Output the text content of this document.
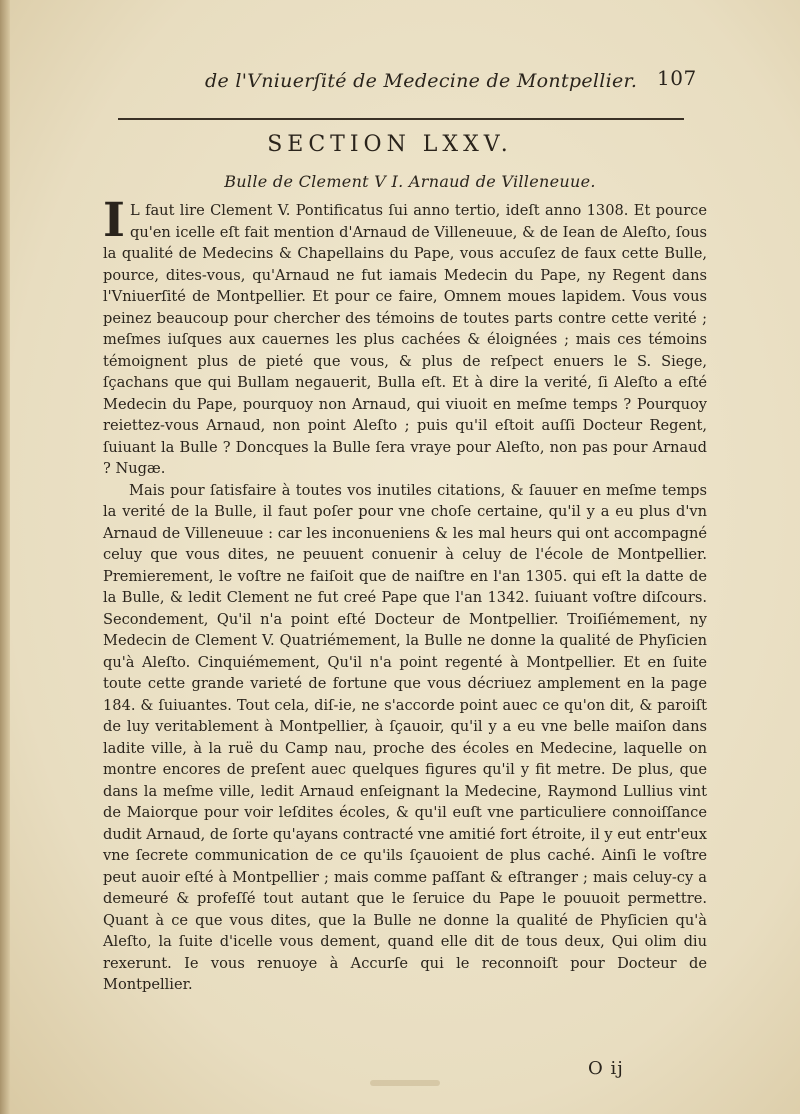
de l'Vniuerſité de Medecine de Montpellier. 107
SECTION LXXV.
Bulle de Clement V I. Arnaud de Villeneuue.

I L faut lire Clement V. Pontificatus ſui anno tertio, ideſt anno 1308. Et pource qu'en icelle eſt fait mention d'Arnaud de Villeneuue, & de Iean de Aleſto, ſous la qualité de Medecins & Chapellains du Pape, vous accuſez de faux cette Bulle, pource, dites-vous, qu'Arnaud ne fut iamais Medecin du Pape, ny Regent dans l'Vniuerſité de Montpellier. Et pour ce faire, Omnem moues lapidem. Vous vous peinez beaucoup pour chercher des témoins de toutes parts contre cette verité ; meſmes iuſques aux cauernes les plus cachées & éloignées ; mais ces témoins témoignent plus de pieté que vous, & plus de reſpect enuers le S. Siege, ſçachans que qui Bullam negauerit, Bulla eſt. Et à dire la verité, ſi Aleſto a eſté Medecin du Pape, pourquoy non Arnaud, qui viuoit en meſme temps ? Pourquoy reiettez-vous Arnaud, non point Aleſto ; puis qu'il eſtoit auſſi Docteur Regent, ſuiuant la Bulle ? Doncques la Bulle ſera vraye pour Aleſto, non pas pour Arnaud ? Nugæ.

Mais pour ſatisfaire à toutes vos inutiles citations, & ſauuer en meſme temps la verité de la Bulle, il faut poſer pour vne choſe certaine, qu'il y a eu plus d'vn Arnaud de Villeneuue : car les inconueniens & les mal heurs qui ont accompagné celuy que vous dites, ne peuuent conuenir à celuy de l'école de Montpellier. Premierement, le voſtre ne faiſoit que de naiſtre en l'an 1305. qui eſt la datte de la Bulle, & ledit Clement ne fut creé Pape que l'an 1342. ſuiuant voſtre diſcours. Secondement, Qu'il n'a point eſté Docteur de Montpellier. Troiſiémement, ny Medecin de Clement V. Quatriémement, la Bulle ne donne la qualité de Phyſicien qu'à Aleſto. Cinquiémement, Qu'il n'a point regenté à Montpellier. Et en ſuite toute cette grande varieté de fortune que vous décriuez amplement en la page 184. & ſuiuantes. Tout cela, diſ-ie, ne s'accorde point auec ce qu'on dit, & paroiſt de luy veritablement à Montpellier, à ſçauoir, qu'il y a eu vne belle maiſon dans ladite ville, à la ruë du Camp nau, proche des écoles en Medecine, laquelle on montre encores de preſent auec quelques figures qu'il y fit metre. De plus, que dans la meſme ville, ledit Arnaud enſeignant la Medecine, Raymond Lullius vint de Maiorque pour voir leſdites écoles, & qu'il euſt vne particuliere connoiſſance dudit Arnaud, de ſorte qu'ayans contracté vne amitié fort étroite, il y eut entr'eux vne ſecrete communication de ce qu'ils ſçauoient de plus caché. Ainſi le voſtre peut auoir eſté à Montpellier ; mais comme paſſant & eſtranger ; mais celuy-cy a demeuré & profeſſé tout autant que le ſeruice du Pape le pouuoit permettre. Quant à ce que vous dites, que la Bulle ne donne la qualité de Phyſicien qu'à Aleſto, la ſuite d'icelle vous dement, quand elle dit de tous deux, Qui olim diu rexerunt. Ie vous renuoye à Accurſe qui le reconnoiſt pour Docteur de Montpellier.

O ij
